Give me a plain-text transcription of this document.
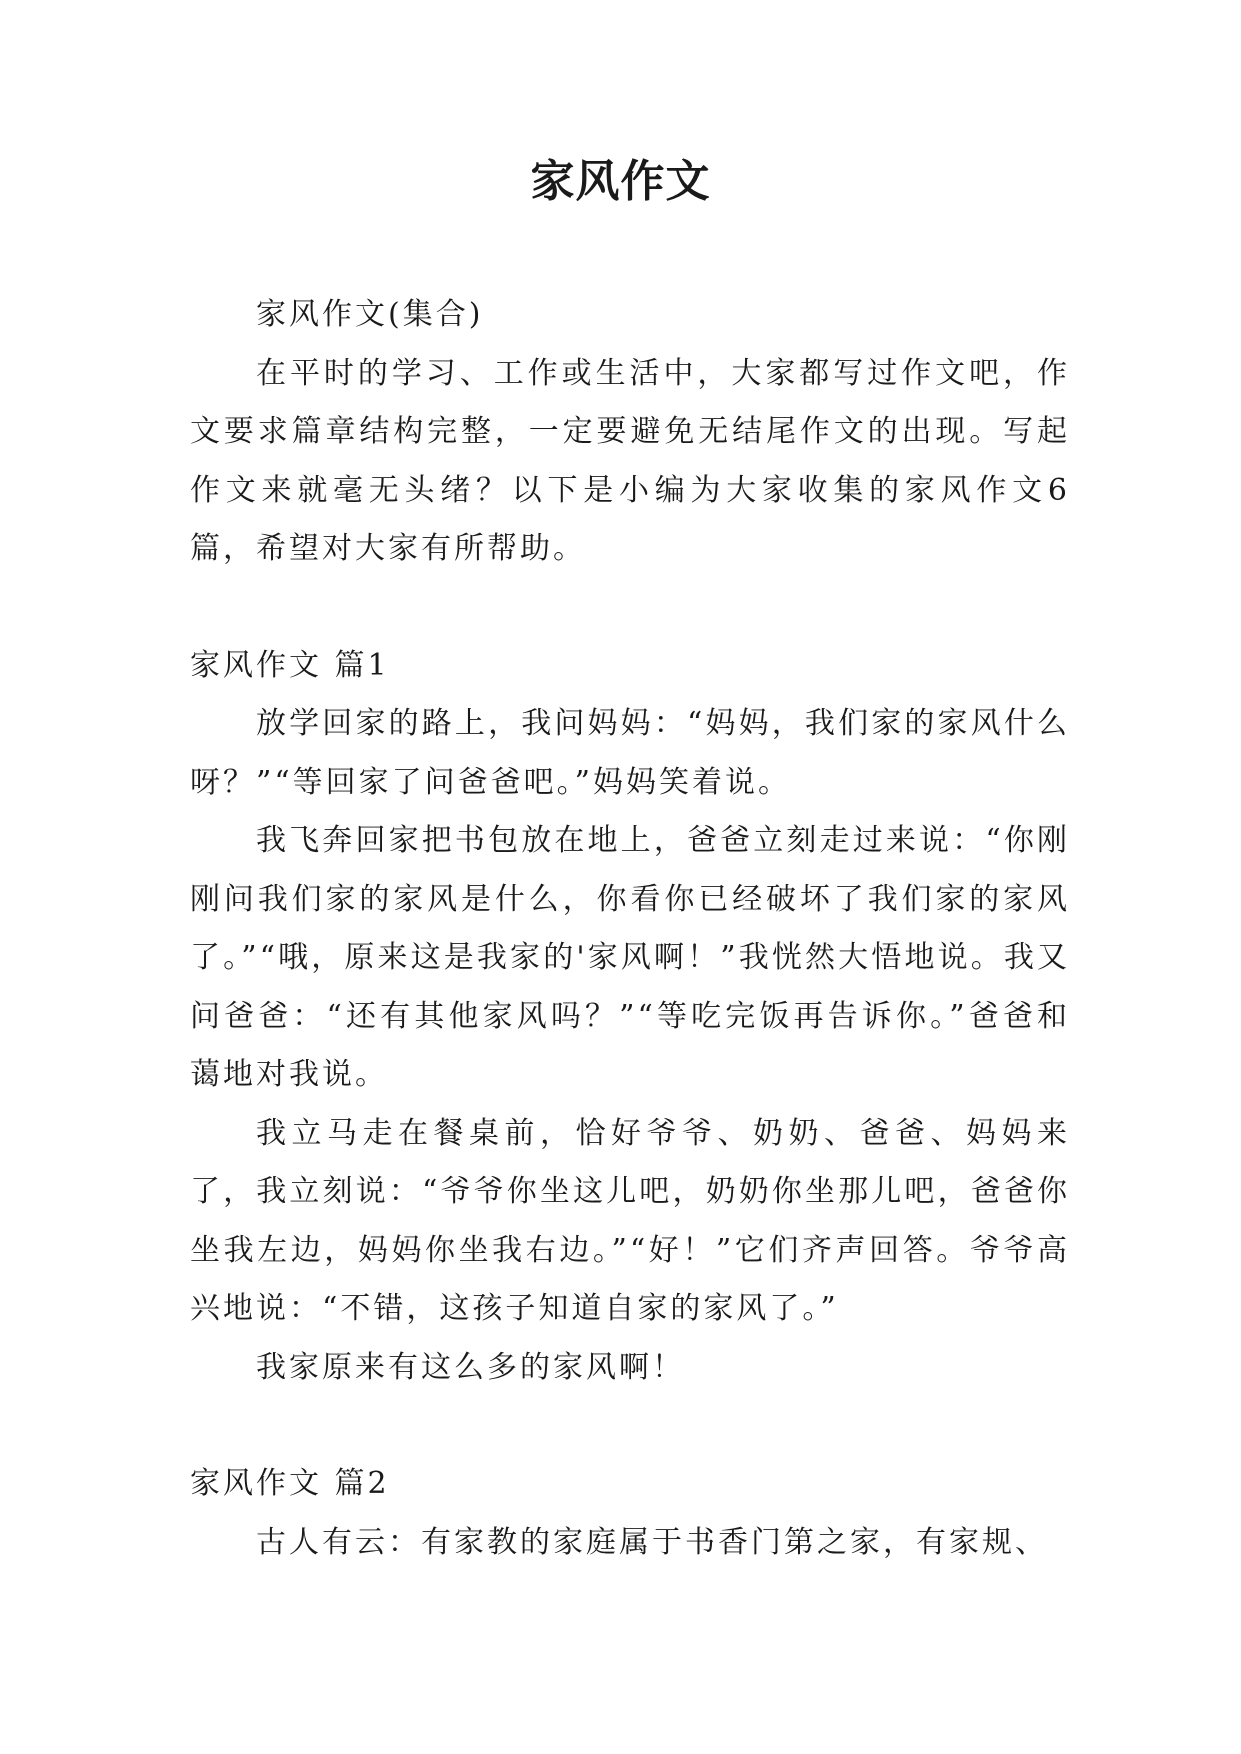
家风作文

家风作文(集合)

在平时的学习、工作或生活中，大家都写过作文吧，作文要求篇章结构完整，一定要避免无结尾作文的出现。写起作文来就毫无头绪？以下是小编为大家收集的家风作文6篇，希望对大家有所帮助。

家风作文 篇1

放学回家的路上，我问妈妈：“妈妈，我们家的家风什么呀？”“等回家了问爸爸吧。”妈妈笑着说。

我飞奔回家把书包放在地上，爸爸立刻走过来说：“你刚刚问我们家的家风是什么，你看你已经破坏了我们家的家风了。”“哦，原来这是我家的'家风啊！”我恍然大悟地说。我又问爸爸：“还有其他家风吗？”“等吃完饭再告诉你。”爸爸和蔼地对我说。

我立马走在餐桌前，恰好爷爷、奶奶、爸爸、妈妈来了，我立刻说：“爷爷你坐这儿吧，奶奶你坐那儿吧，爸爸你坐我左边，妈妈你坐我右边。”“好！”它们齐声回答。爷爷高兴地说：“不错，这孩子知道自家的家风了。”

我家原来有这么多的家风啊！

家风作文 篇2

古人有云：有家教的家庭属于书香门第之家，有家规、
